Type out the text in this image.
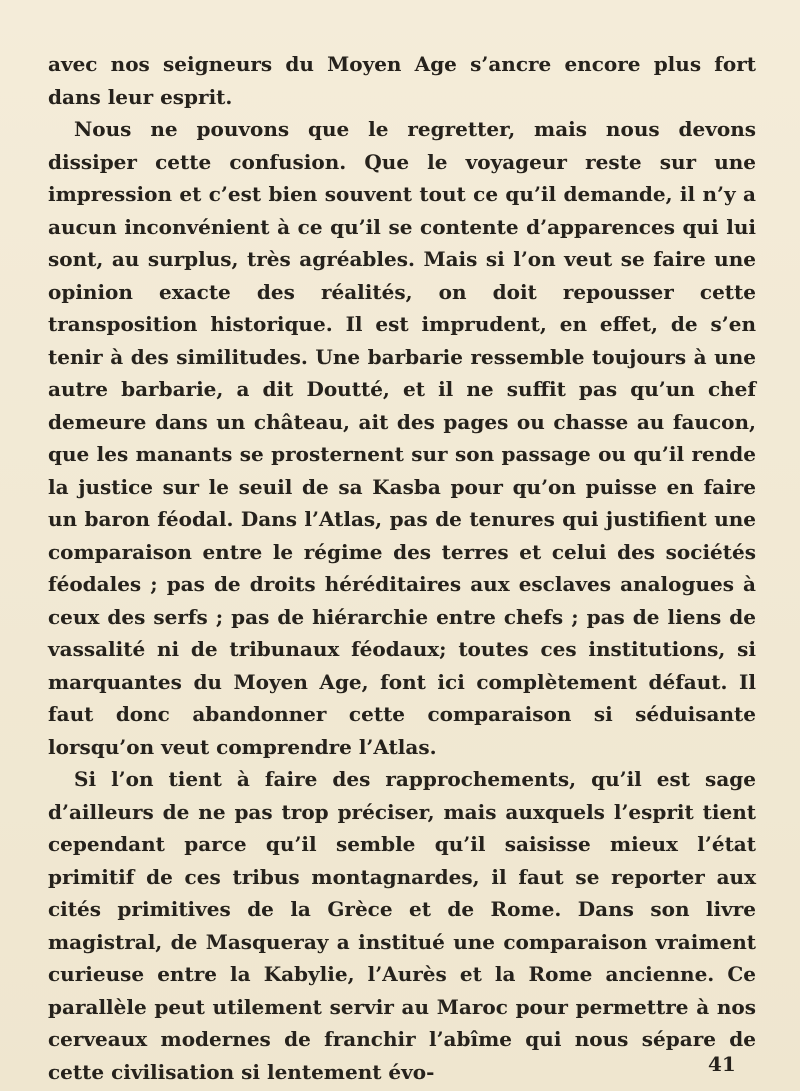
avec nos seigneurs du Moyen Age s’ancre encore plus fort dans leur esprit.

Nous ne pouvons que le regretter, mais nous devons dissiper cette confusion. Que le voyageur reste sur une impression et c’est bien souvent tout ce qu’il demande, il n’y a aucun inconvénient à ce qu’il se contente d’apparences qui lui sont, au surplus, très agréables. Mais si l’on veut se faire une opinion exacte des réalités, on doit repousser cette transposition historique. Il est imprudent, en effet, de s’en tenir à des similitudes. Une barbarie ressemble toujours à une autre barbarie, a dit Doutté, et il ne suffit pas qu’un chef demeure dans un château, ait des pages ou chasse au faucon, que les manants se prosternent sur son passage ou qu’il rende la justice sur le seuil de sa Kasba pour qu’on puisse en faire un baron féodal. Dans l’Atlas, pas de tenures qui justifient une comparaison entre le régime des terres et celui des sociétés féodales ; pas de droits héréditaires aux esclaves analogues à ceux des serfs ; pas de hiérarchie entre chefs ; pas de liens de vassalité ni de tribunaux féodaux; toutes ces institutions, si marquantes du Moyen Age, font ici complètement défaut. Il faut donc abandonner cette comparaison si séduisante lorsqu’on veut comprendre l’Atlas.

Si l’on tient à faire des rapprochements, qu’il est sage d’ailleurs de ne pas trop préciser, mais auxquels l’esprit tient cependant parce qu’il semble qu’il saisisse mieux l’état primitif de ces tribus montagnardes, il faut se reporter aux cités primitives de la Grèce et de Rome. Dans son livre magistral, de Masqueray a institué une comparaison vraiment curieuse entre la Kabylie, l’Aurès et la Rome ancienne. Ce parallèle peut utilement servir au Maroc pour permettre à nos cerveaux modernes de franchir l’abîme qui nous sépare de cette civilisation si lentement évo-	41
